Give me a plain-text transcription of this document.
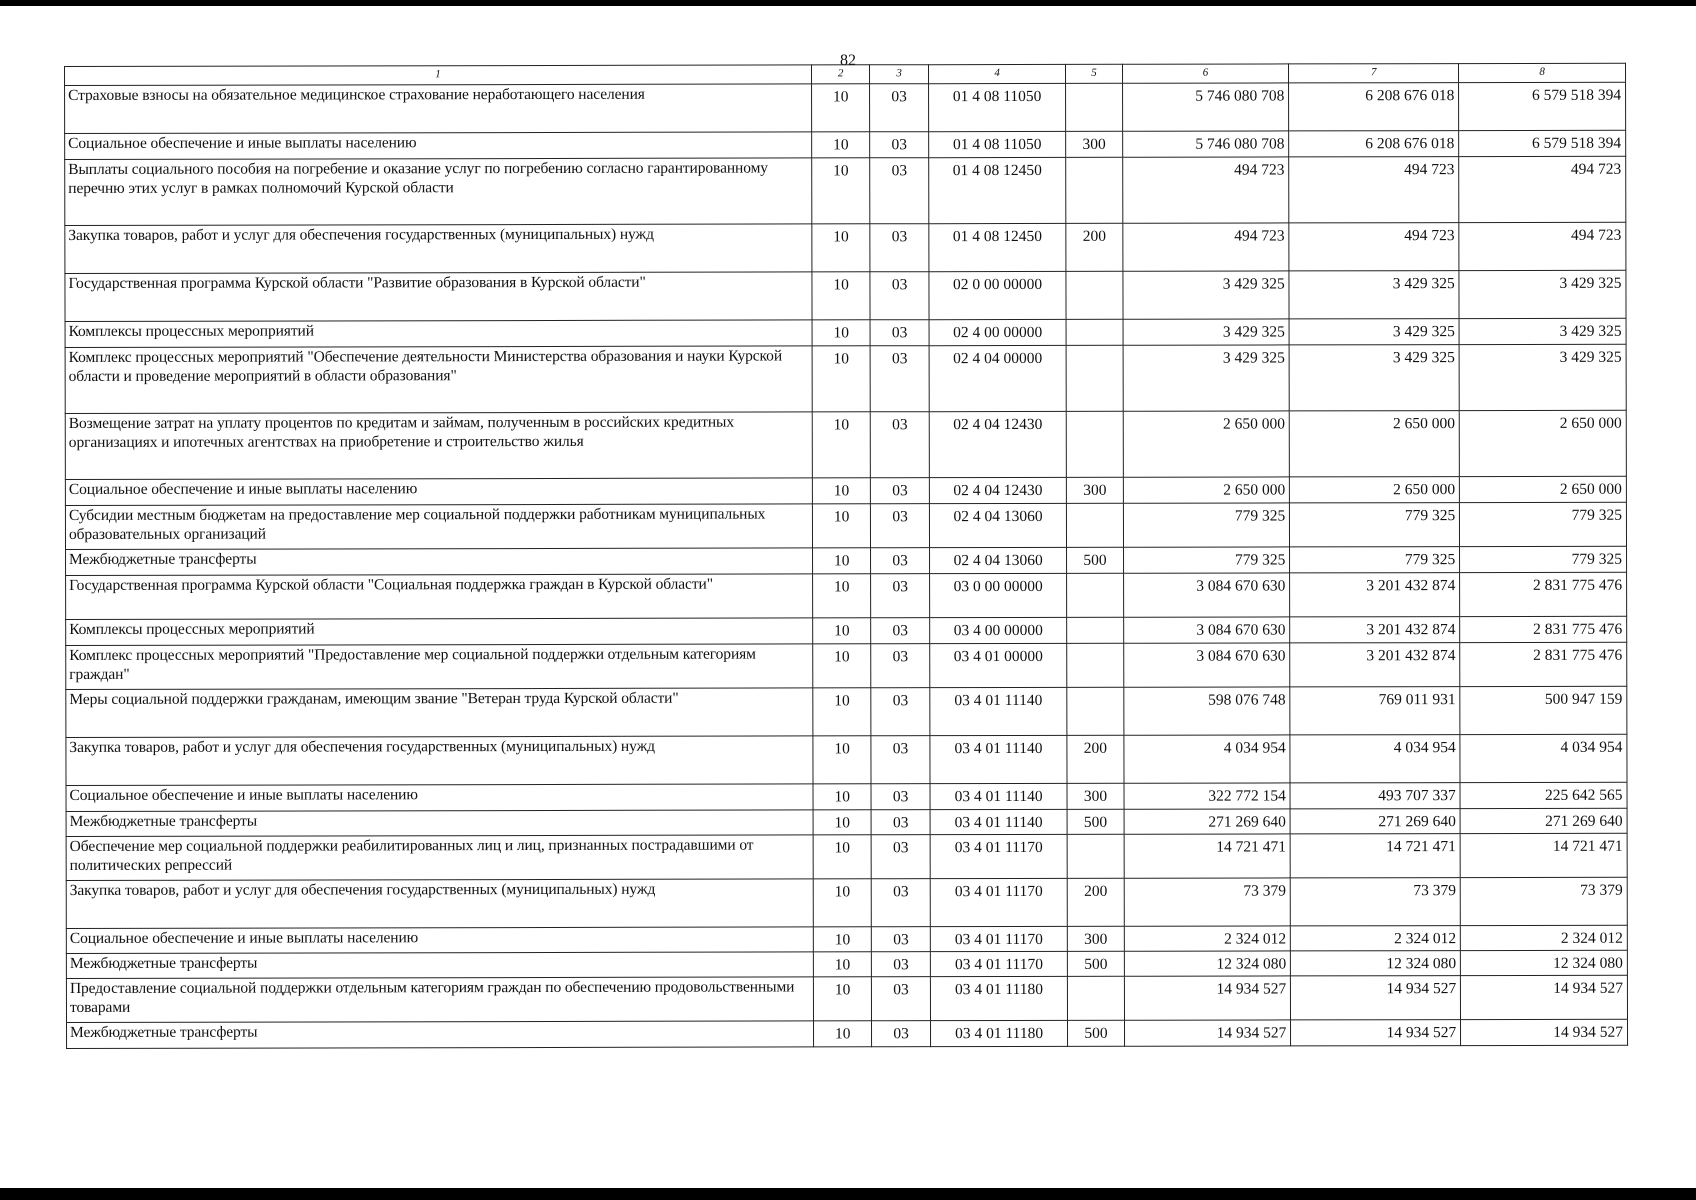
82
1	2	3	4	5	6	7	8
Страховые взносы на обязательное медицинское страхование неработающего населения	10	03	01 4 08 11050		5 746 080 708	6 208 676 018	6 579 518 394
Социальное обеспечение и иные выплаты населению	10	03	01 4 08 11050	300	5 746 080 708	6 208 676 018	6 579 518 394
Выплаты социального пособия на погребение и оказание услуг по погребению согласно гарантированному перечню этих услуг в рамках полномочий Курской области	10	03	01 4 08 12450		494 723	494 723	494 723
Закупка товаров, работ и услуг для обеспечения государственных (муниципальных) нужд	10	03	01 4 08 12450	200	494 723	494 723	494 723
Государственная программа Курской области "Развитие образования в Курской области"	10	03	02 0 00 00000		3 429 325	3 429 325	3 429 325
Комплексы процессных мероприятий	10	03	02 4 00 00000		3 429 325	3 429 325	3 429 325
Комплекс процессных мероприятий "Обеспечение деятельности Министерства образования и науки Курской области и проведение мероприятий в области образования"	10	03	02 4 04 00000		3 429 325	3 429 325	3 429 325
Возмещение затрат на уплату процентов по кредитам и займам, полученным в российских кредитных организациях и ипотечных агентствах на приобретение и строительство жилья	10	03	02 4 04 12430		2 650 000	2 650 000	2 650 000
Социальное обеспечение и иные выплаты населению	10	03	02 4 04 12430	300	2 650 000	2 650 000	2 650 000
Субсидии местным бюджетам на предоставление мер социальной поддержки работникам муниципальных образовательных организаций	10	03	02 4 04 13060		779 325	779 325	779 325
Межбюджетные трансферты	10	03	02 4 04 13060	500	779 325	779 325	779 325
Государственная программа Курской области "Социальная поддержка граждан в Курской области"	10	03	03 0 00 00000		3 084 670 630	3 201 432 874	2 831 775 476
Комплексы процессных мероприятий	10	03	03 4 00 00000		3 084 670 630	3 201 432 874	2 831 775 476
Комплекс процессных мероприятий "Предоставление мер социальной поддержки отдельным категориям граждан"	10	03	03 4 01 00000		3 084 670 630	3 201 432 874	2 831 775 476
Меры социальной поддержки гражданам, имеющим звание "Ветеран труда Курской области"	10	03	03 4 01 11140		598 076 748	769 011 931	500 947 159
Закупка товаров, работ и услуг для обеспечения государственных (муниципальных) нужд	10	03	03 4 01 11140	200	4 034 954	4 034 954	4 034 954
Социальное обеспечение и иные выплаты населению	10	03	03 4 01 11140	300	322 772 154	493 707 337	225 642 565
Межбюджетные трансферты	10	03	03 4 01 11140	500	271 269 640	271 269 640	271 269 640
Обеспечение мер социальной поддержки реабилитированных лиц и лиц, признанных пострадавшими от политических репрессий	10	03	03 4 01 11170		14 721 471	14 721 471	14 721 471
Закупка товаров, работ и услуг для обеспечения государственных (муниципальных) нужд	10	03	03 4 01 11170	200	73 379	73 379	73 379
Социальное обеспечение и иные выплаты населению	10	03	03 4 01 11170	300	2 324 012	2 324 012	2 324 012
Межбюджетные трансферты	10	03	03 4 01 11170	500	12 324 080	12 324 080	12 324 080
Предоставление социальной поддержки отдельным категориям граждан по обеспечению продовольственными товарами	10	03	03 4 01 11180		14 934 527	14 934 527	14 934 527
Межбюджетные трансферты	10	03	03 4 01 11180	500	14 934 527	14 934 527	14 934 527
